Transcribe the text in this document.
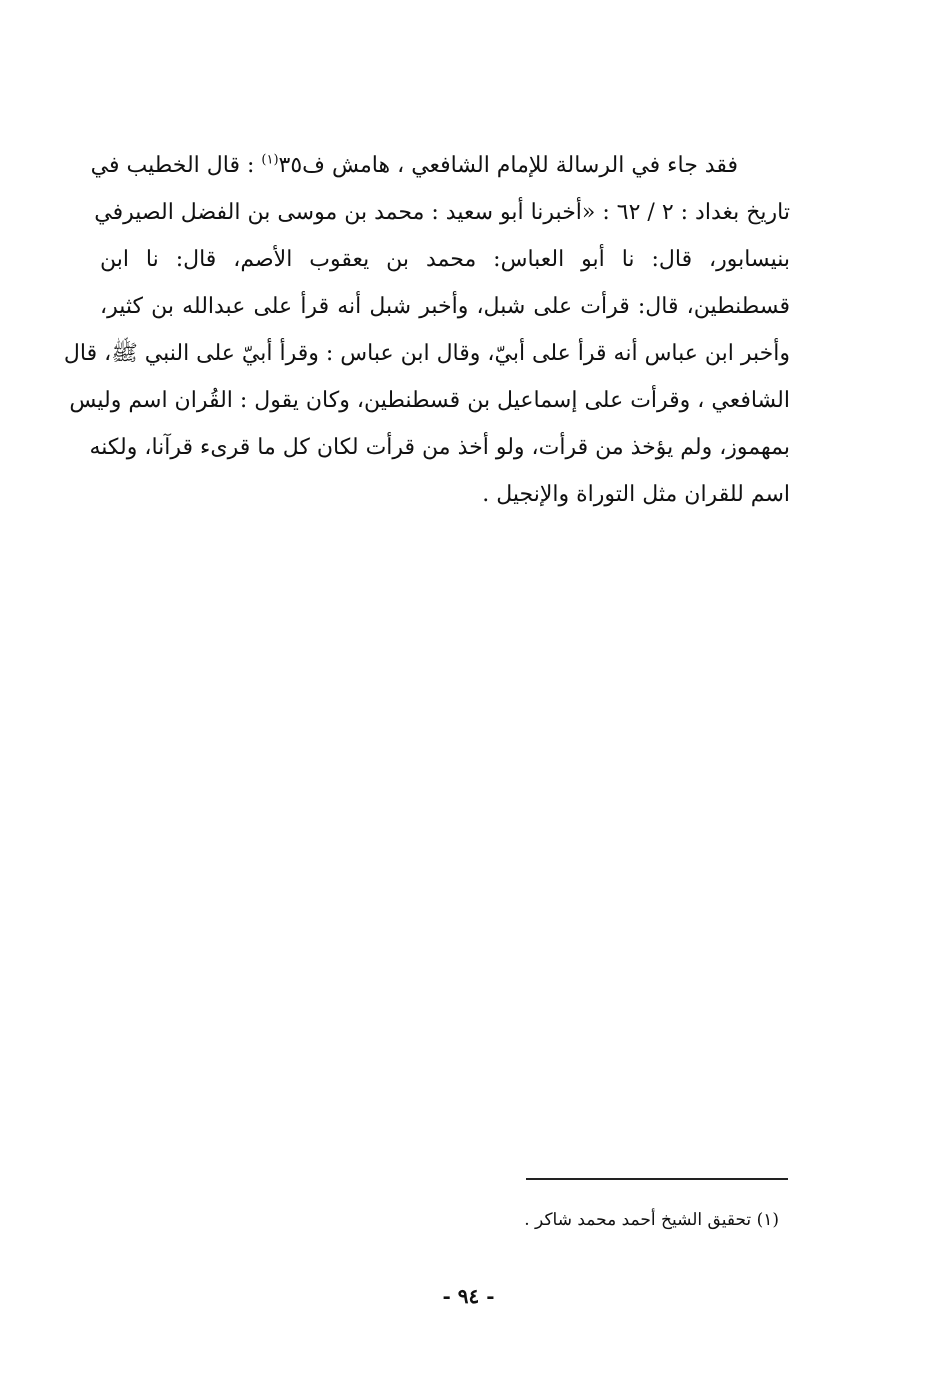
فقد جاء في الرسالة للإمام الشافعي ، هامش ف٣٥$^{(١)}$ : قال الخطيب في
تاريخ بغداد : ٢ / ٦٢ : «أخبرنا أبو سعيد : محمد بن موسى بن الفضل الصيرفي
بنيسابور، قال: نا أبو العباس: محمد بن يعقوب الأصم، قال: نا ابن
قسطنطين، قال: قرأت على شبل، وأخبر شبل أنه قرأ على عبدالله بن كثير،
وأخبر ابن عباس أنه قرأ على أبيّ، وقال ابن عباس : وقرأ أبيّ على النبي ﷺ، قال
الشافعي ، وقرأت على إسماعيل بن قسطنطين، وكان يقول : القُران اسم وليس
بمهموز، ولم يؤخذ من قرأت، ولو أخذ من قرأت لكان كل ما قرىء قرآنا، ولكنه
اسم للقران مثل التوراة والإنجيل .

(١) تحقيق الشيخ أحمد محمد شاكر .
- ٩٤ -
